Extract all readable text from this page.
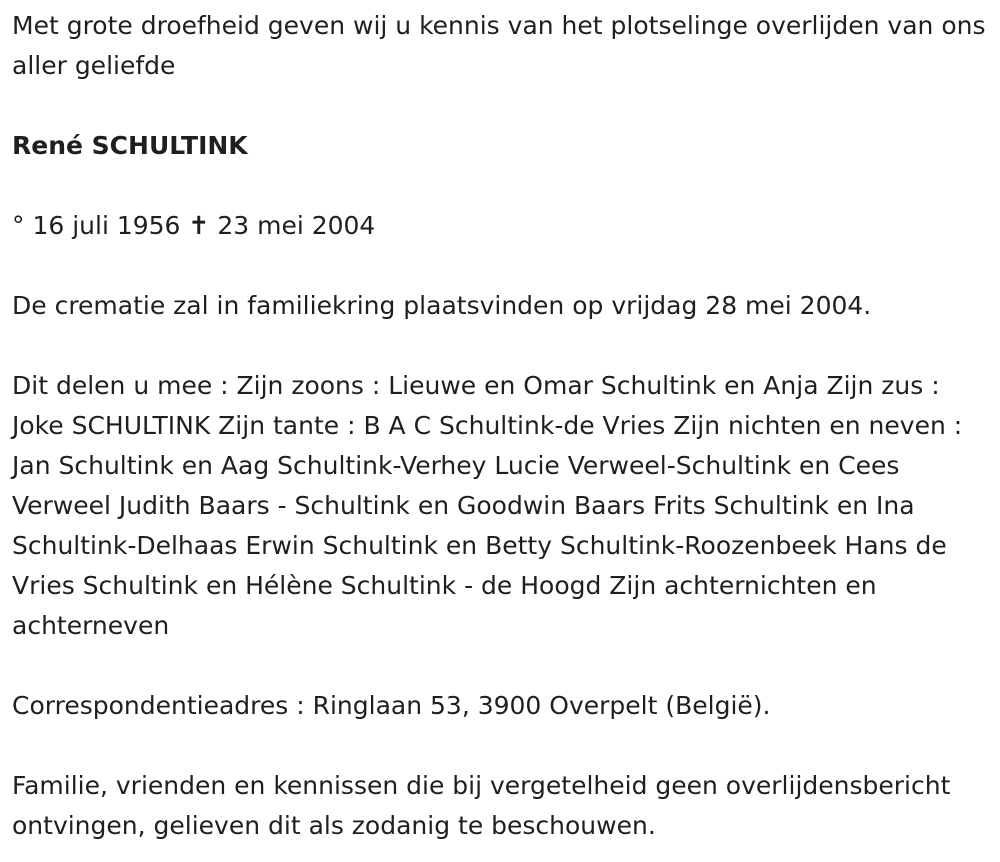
Met grote droefheid geven wij u kennis van het plotselinge overlijden van ons aller geliefde

René SCHULTINK

° 16 juli 1956 ✝ 23 mei 2004

De crematie zal in familiekring plaatsvinden op vrijdag 28 mei 2004.

Dit delen u mee : Zijn zoons : Lieuwe en Omar Schultink en Anja Zijn zus : Joke SCHULTINK Zijn tante : B A C Schultink-de Vries Zijn nichten en neven : Jan Schultink en Aag Schultink-Verhey Lucie Verweel-Schultink en Cees Verweel Judith Baars - Schultink en Goodwin Baars Frits Schultink en Ina Schultink-Delhaas Erwin Schultink en Betty Schultink-Roozenbeek Hans de Vries Schultink en Hélène Schultink - de Hoogd Zijn achternichten en achterneven

Correspondentieadres : Ringlaan 53, 3900 Overpelt (België).

Familie, vrienden en kennissen die bij vergetelheid geen overlijdensbericht ontvingen, gelieven dit als zodanig te beschouwen.
